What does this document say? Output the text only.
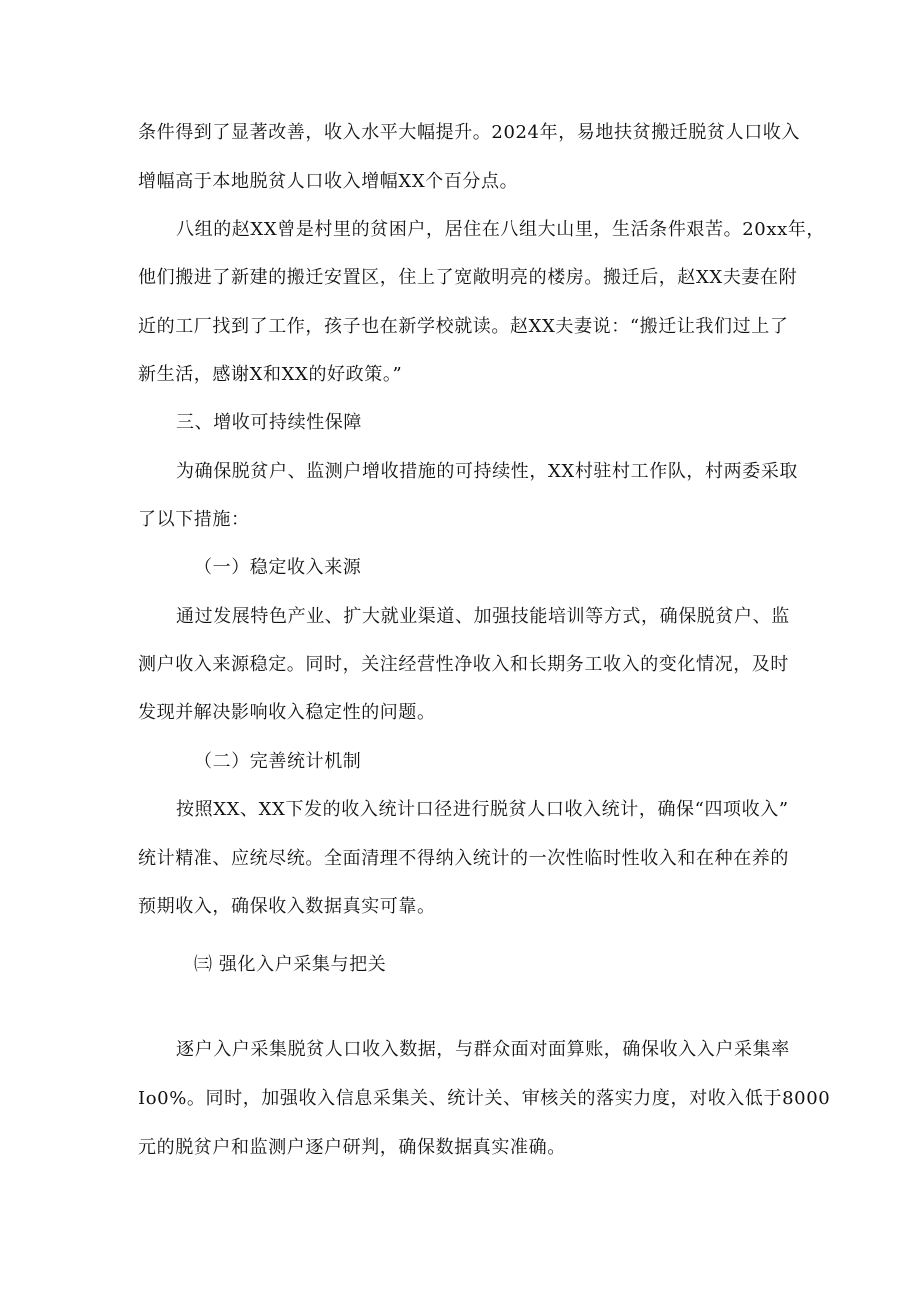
条件得到了显著改善，收入水平大幅提升。2024年，易地扶贫搬迁脱贫人口收入
增幅高于本地脱贫人口收入增幅XX个百分点。
八组的赵XX曾是村里的贫困户，居住在八组大山里，生活条件艰苦。20xx年，
他们搬进了新建的搬迁安置区，住上了宽敞明亮的楼房。搬迁后，赵XX夫妻在附
近的工厂找到了工作，孩子也在新学校就读。赵XX夫妻说：“搬迁让我们过上了
新生活，感谢X和XX的好政策。”
三、增收可持续性保障
为确保脱贫户、监测户增收措施的可持续性，XX村驻村工作队，村两委采取
了以下措施：
（一）稳定收入来源
通过发展特色产业、扩大就业渠道、加强技能培训等方式，确保脱贫户、监
测户收入来源稳定。同时，关注经营性净收入和长期务工收入的变化情况，及时
发现并解决影响收入稳定性的问题。
（二）完善统计机制
按照XX、XX下发的收入统计口径进行脱贫人口收入统计，确保“四项收入”
统计精准、应统尽统。全面清理不得纳入统计的一次性临时性收入和在种在养的
预期收入，确保收入数据真实可靠。
㈢ 强化入户采集与把关
逐户入户采集脱贫人口收入数据，与群众面对面算账，确保收入入户采集率
Io0%。同时，加强收入信息采集关、统计关、审核关的落实力度，对收入低于8000
元的脱贫户和监测户逐户研判，确保数据真实准确。
